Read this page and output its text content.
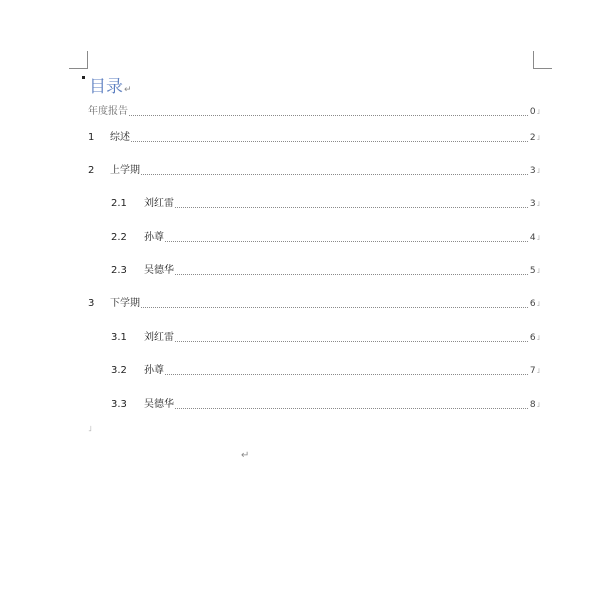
目录↵
年度报告	0 ˩
1	综述	2 ˩
2	上学期	3 ˩
2.1	刘红雷	3 ˩
2.2	孙尊	4 ˩
2.3	吴德华	5 ˩
3	下学期	6 ˩
3.1	刘红雷	6 ˩
3.2	孙尊	7 ˩
3.3	吴德华	8 ˩
˩
↵
